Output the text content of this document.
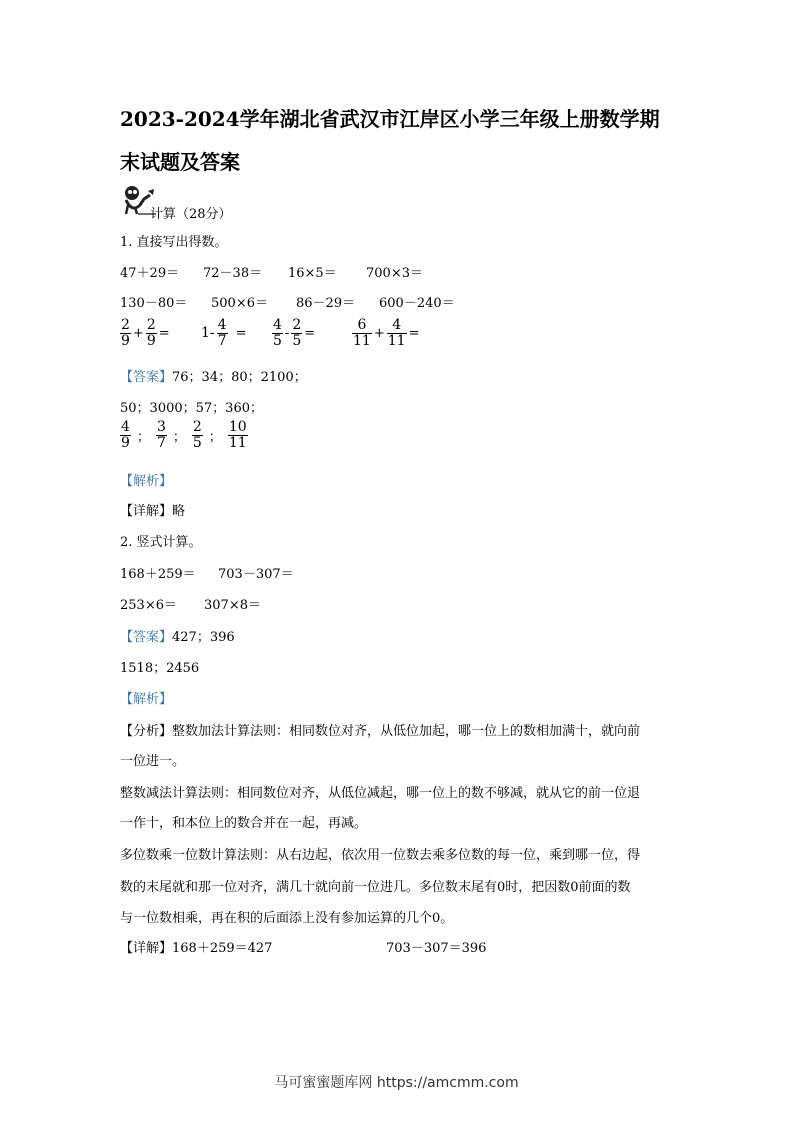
2023-2024学年湖北省武汉市江岸区小学三年级上册数学期
末试题及答案
计算（28分）
1. 直接写出得数。
47＋29＝ 72－38＝ 16×5＝ 700×3＝
130－80＝ 500×6＝ 86－29＝ 600－240＝
$\frac{2}{9} + \frac{2}{9} = 1- \frac{4}{7} = \frac{4}{5} - \frac{2}{5}$ =	$\frac{6}{11} + \frac{4}{11}$ =
【答案】76；34；80；2100；
50；3000；57；360；
$\frac{4}{9}$ ； $\frac{3}{7}$ ； $\frac{2}{5}$ ； $\frac{10}{11}$
【解析】
【详解】略
2. 竖式计算。
168＋259＝ 703－307＝
253×6＝ 307×8＝
【答案】427；396
1518；2456
【解析】
【分析】整数加法计算法则：相同数位对齐，从低位加起，哪一位上的数相加满十，就向前
一位进一。
整数减法计算法则：相同数位对齐，从低位减起，哪一位上的数不够减，就从它的前一位退
一作十，和本位上的数合并在一起，再减。
多位数乘一位数计算法则：从右边起，依次用一位数去乘多位数的每一位，乘到哪一位，得
数的末尾就和那一位对齐，满几十就向前一位进几。多位数末尾有0时，把因数0前面的数
与一位数相乘，再在积的后面添上没有参加运算的几个0。
【详解】168＋259＝427	703－307＝396
马可蜜蜜题库网 https://amcmm.com
